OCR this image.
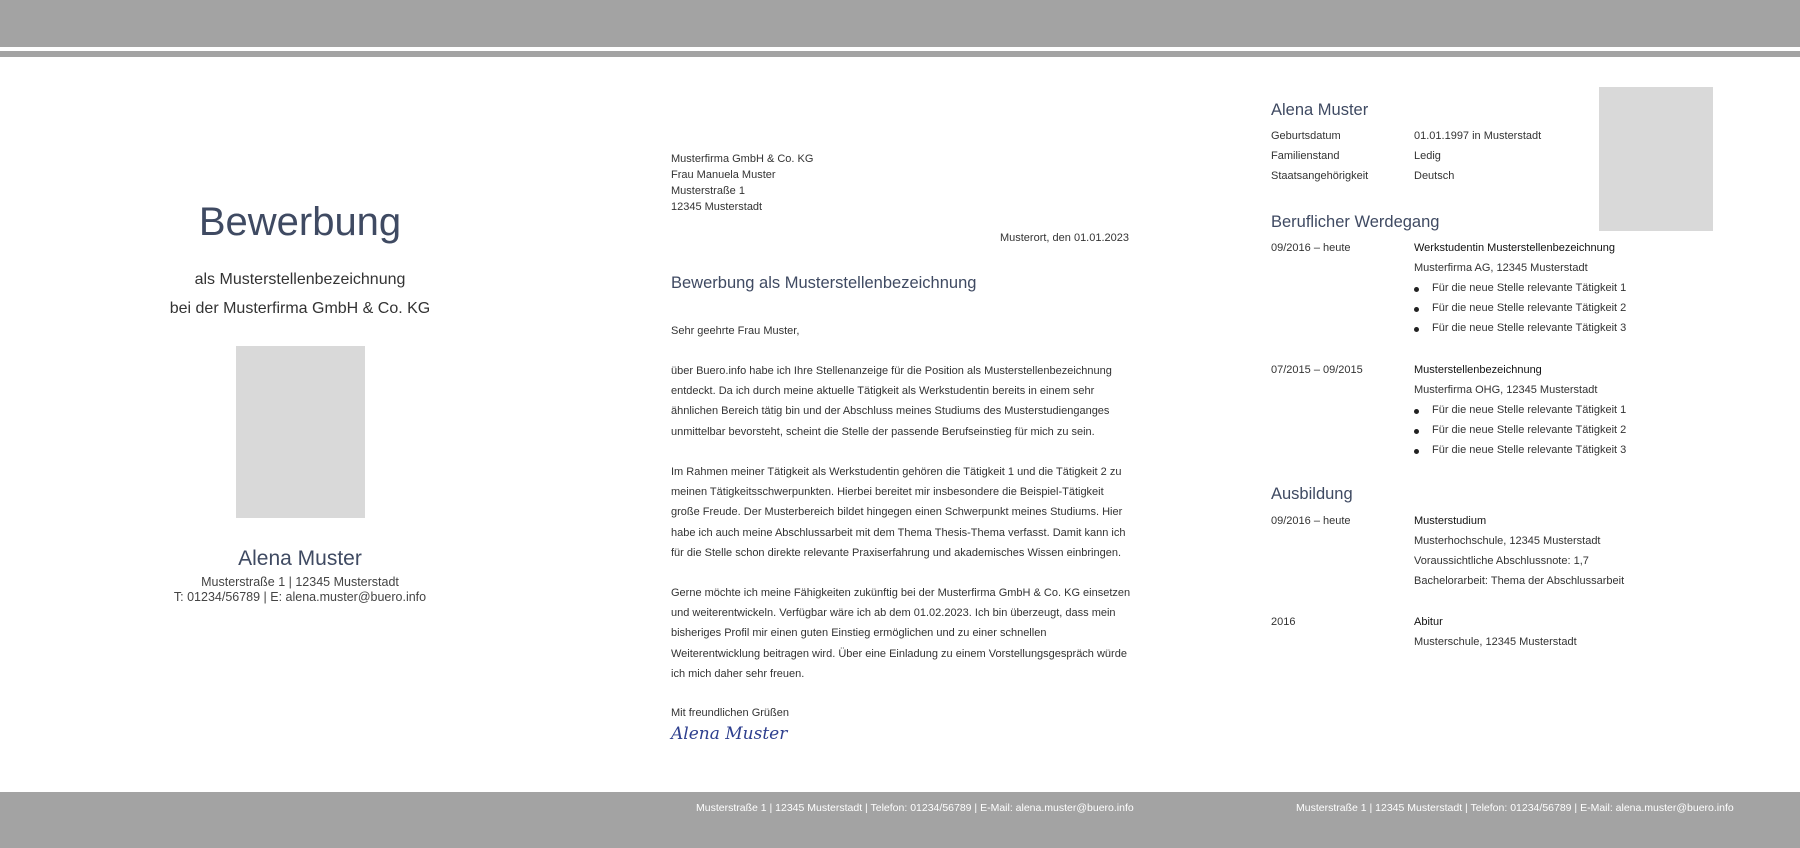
Bewerbung
als Musterstellenbezeichnung
bei der Musterfirma GmbH & Co. KG
Alena Muster
Musterstraße 1 | 12345 Musterstadt
T: 01234/56789 | E: alena.muster@buero.info
Musterfirma GmbH & Co. KG
Frau Manuela Muster
Musterstraße 1
12345 Musterstadt
Musterort, den 01.01.2023
Bewerbung als Musterstellenbezeichnung
Sehr geehrte Frau Muster,
über Buero.info habe ich Ihre Stellenanzeige für die Position als Musterstellenbezeichnung entdeckt. Da ich durch meine aktuelle Tätigkeit als Werkstudentin bereits in einem sehr ähnlichen Bereich tätig bin und der Abschluss meines Studiums des Musterstudienganges unmittelbar bevorsteht, scheint die Stelle der passende Berufseinstieg für mich zu sein.
Im Rahmen meiner Tätigkeit als Werkstudentin gehören die Tätigkeit 1 und die Tätigkeit 2 zu meinen Tätigkeitsschwerpunkten. Hierbei bereitet mir insbesondere die Beispiel-Tätigkeit große Freude. Der Musterbereich bildet hingegen einen Schwerpunkt meines Studiums. Hier habe ich auch meine Abschlussarbeit mit dem Thema Thesis-Thema verfasst. Damit kann ich für die Stelle schon direkte relevante Praxiserfahrung und akademisches Wissen einbringen.
Gerne möchte ich meine Fähigkeiten zukünftig bei der Musterfirma GmbH & Co. KG einsetzen und weiterentwickeln. Verfügbar wäre ich ab dem 01.02.2023. Ich bin überzeugt, dass mein bisheriges Profil mir einen guten Einstieg ermöglichen und zu einer schnellen Weiterentwicklung beitragen wird. Über eine Einladung zu einem Vorstellungsgespräch würde ich mich daher sehr freuen.
Mit freundlichen Grüßen
Alena Muster
Musterstraße 1 | 12345 Musterstadt | Telefon: 01234/56789 | E-Mail: alena.muster@buero.info
Alena Muster
Geburtsdatum	01.01.1997 in Musterstadt
Familienstand	Ledig
Staatsangehörigkeit	Deutsch
Beruflicher Werdegang
09/2016 – heute	Werkstudentin Musterstellenbezeichnung
Musterfirma AG, 12345 Musterstadt
Für die neue Stelle relevante Tätigkeit 1
Für die neue Stelle relevante Tätigkeit 2
Für die neue Stelle relevante Tätigkeit 3
07/2015 – 09/2015	Musterstellenbezeichnung
Musterfirma OHG, 12345 Musterstadt
Für die neue Stelle relevante Tätigkeit 1
Für die neue Stelle relevante Tätigkeit 2
Für die neue Stelle relevante Tätigkeit 3
Ausbildung
09/2016 – heute	Musterstudium
Musterhochschule, 12345 Musterstadt
Voraussichtliche Abschlussnote: 1,7
Bachelorarbeit: Thema der Abschlussarbeit
2016	Abitur
Musterschule, 12345 Musterstadt
Musterstraße 1 | 12345 Musterstadt | Telefon: 01234/56789 | E-Mail: alena.muster@buero.info
